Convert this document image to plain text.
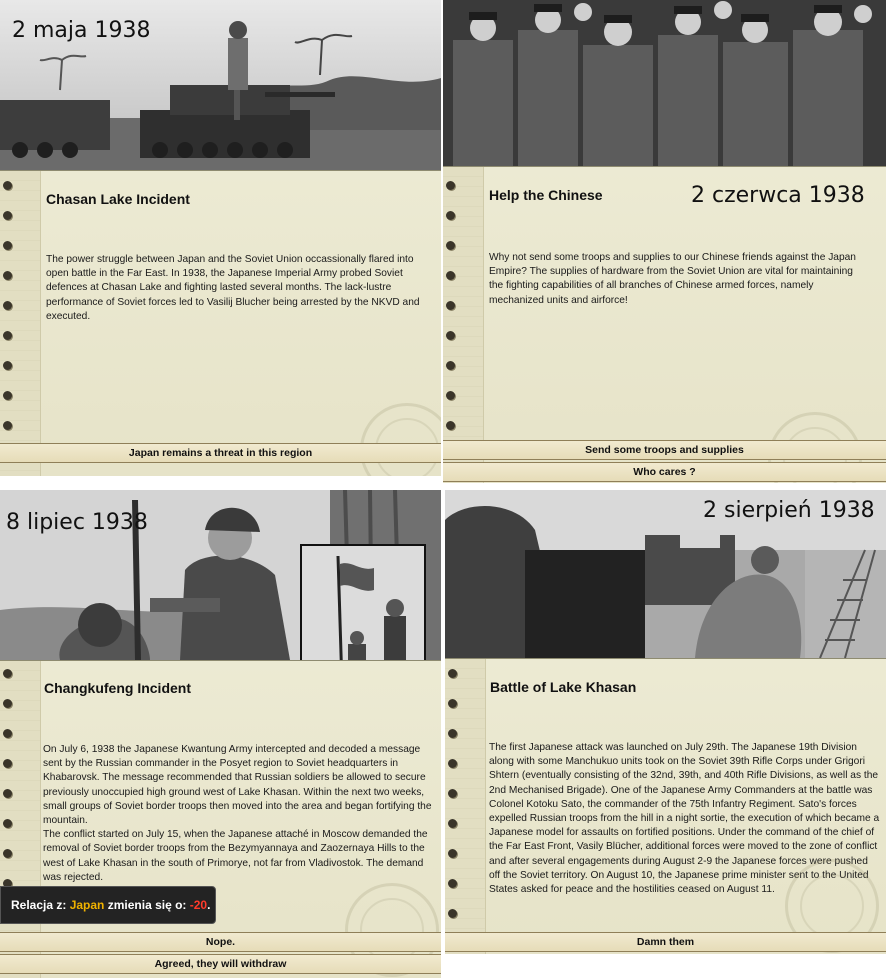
2 maja 1938
Chasan Lake Incident
The power struggle between Japan and the Soviet Union occassionally flared into open battle in the Far East. In 1938, the Japanese Imperial Army probed Soviet defences at Chasan Lake and fighting lasted several months. The lack-lustre performance of Soviet forces led to Vasilij Blucher being arrested by the NKVD and executed.
Japan remains a threat in this region
Help the Chinese	2 czerwca 1938
Why not send some troops and supplies to our Chinese friends against the Japan Empire? The supplies of hardware from the Soviet Union are vital for maintaining the fighting capabilities of all branches of Chinese armed forces, namely mechanized units and airforce!
Send some troops and supplies
Who cares ?
8 lipiec 1938
Changkufeng Incident
On July 6, 1938 the Japanese Kwantung Army intercepted and decoded a message sent by the Russian commander in the Posyet region to Soviet headquarters in Khabarovsk. The message recommended that Russian soldiers be allowed to secure previously unoccupied high ground west of Lake Khasan. Within the next two weeks, small groups of Soviet border troops then moved into the area and began fortifying the mountain.
The conflict started on July 15, when the Japanese attaché in Moscow demanded the removal of Soviet border troops from the Bezymyannaya and Zaozernaya Hills to the west of Lake Khasan in the south of Primorye, not far from Vladivostok. The demand was rejected.
Nope.
Agreed, they will withdraw
2 sierpień 1938
Battle of Lake Khasan
The first Japanese attack was launched on July 29th. The Japanese 19th Division along with some Manchukuo units took on the Soviet 39th Rifle Corps under Grigori Shtern (eventually consisting of the 32nd, 39th, and 40th Rifle Divisions, as well as the 2nd Mechanised Brigade). One of the Japanese Army Commanders at the battle was Colonel Kotoku Sato, the commander of the 75th Infantry Regiment. Sato's forces expelled Russian troops from the hill in a night sortie, the execution of which became a Japanese model for assaults on fortified positions. Under the command of the chief of the Far East Front, Vasily Blücher, additional forces were moved to the zone of conflict and after several engagements during August 2-9 the Japanese forces were pushed off the Soviet territory. On August 10, the Japanese prime minister sent to the United States asked for peace and the hostilities ceased on August 11.
Damn them
Relacja z: Japan zmienia się o: -20.
